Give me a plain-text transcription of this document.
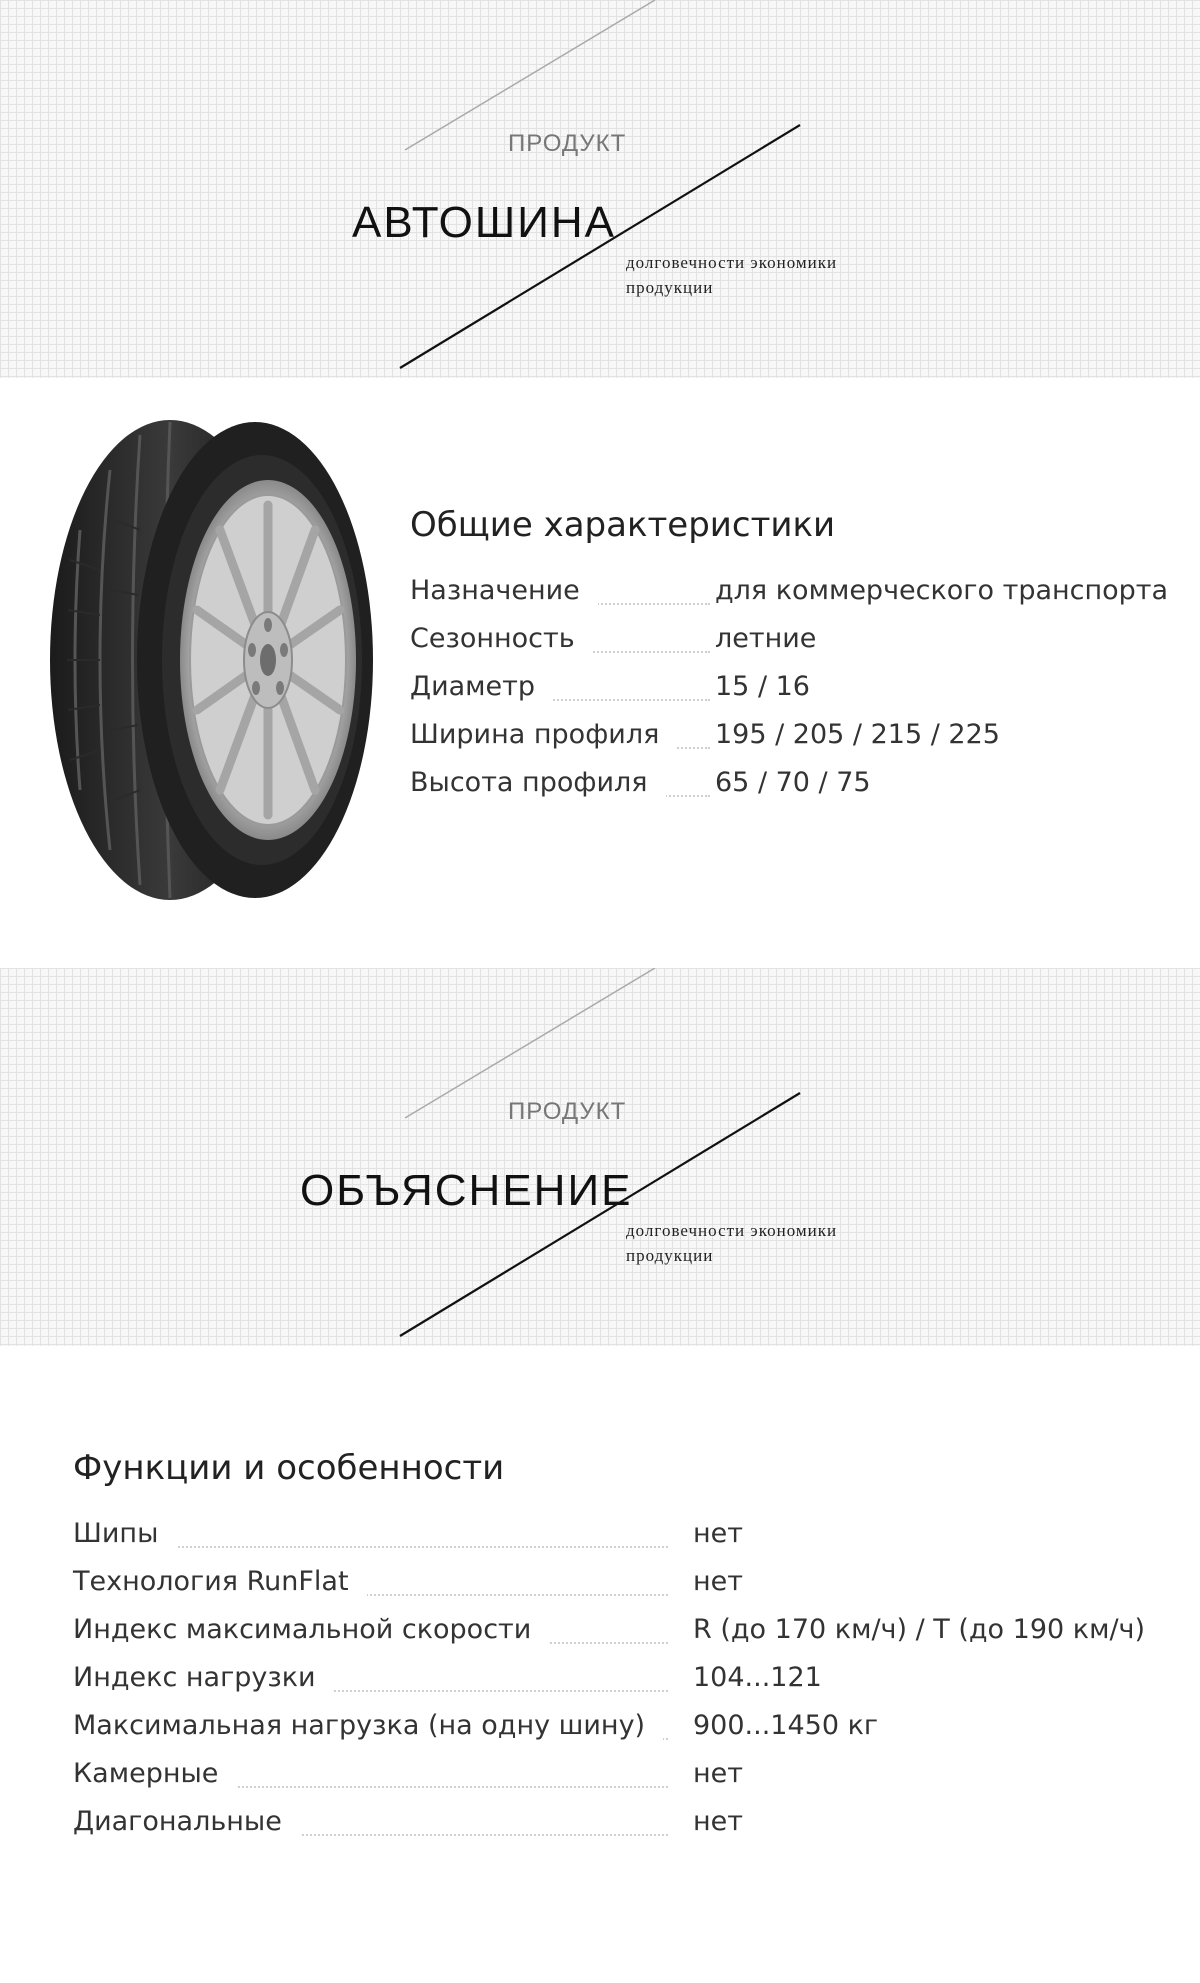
ПРОДУКТ
АВТОШИНА
долговечности экономики продукции
Общие характеристики
Назначение	для коммерческого транспорта
Сезонность	летние
Диаметр	15 / 16
Ширина профиля	195 / 205 / 215 / 225
Высота профиля	65 / 70 / 75
ПРОДУКТ
ОБЪЯСНЕНИЕ
долговечности экономики продукции
Функции и особенности
Шипы	нет
Технология RunFlat	нет
Индекс максимальной скорости	R (до 170 км/ч) / T (до 190 км/ч)
Индекс нагрузки	104...121
Максимальная нагрузка (на одну шину)	900...1450 кг
Камерные	нет
Диагональные	нет
